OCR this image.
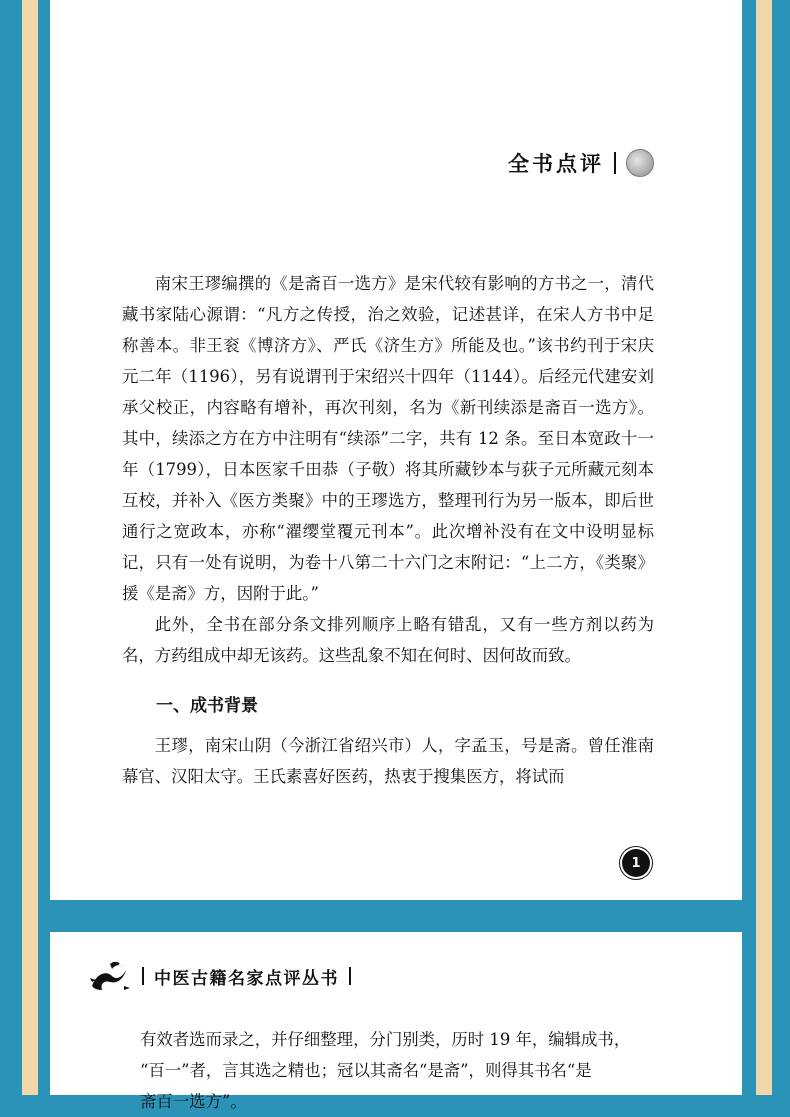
全书点评

南宋王璆编撰的《是斋百一选方》是宋代较有影响的方书之一，清代藏书家陆心源谓：“凡方之传授，治之效验，记述甚详，在宋人方书中足称善本。非王衮《博济方》、严氏《济生方》所能及也。”该书约刊于宋庆元二年（1196），另有说谓刊于宋绍兴十四年（1144）。后经元代建安刘承父校正，内容略有增补，再次刊刻，名为《新刊续添是斋百一选方》。其中，续添之方在方中注明有“续添”二字，共有 12 条。至日本宽政十一年（1799），日本医家千田恭（子敬）将其所藏钞本与荻子元所藏元刻本互校，并补入《医方类聚》中的王璆选方，整理刊行为另一版本，即后世通行之宽政本，亦称“濯缨堂覆元刊本”。此次增补没有在文中设明显标记，只有一处有说明，为卷十八第二十六门之末附记：“上二方，《类聚》援《是斋》方，因附于此。”

此外，全书在部分条文排列顺序上略有错乱，又有一些方剂以药为名，方药组成中却无该药。这些乱象不知在何时、因何故而致。

一、成书背景

王璆，南宋山阴（今浙江省绍兴市）人，字孟玉，号是斋。曾任淮南幕官、汉阳太守。王氏素喜好医药，热衷于搜集医方，将试而

1
中医古籍名家点评丛书

有效者选而录之，并仔细整理，分门别类，历时 19 年，编辑成书，

“百一”者，言其选之精也；冠以其斋名“是斋”，则得其书名“是

斋百一选方”。
